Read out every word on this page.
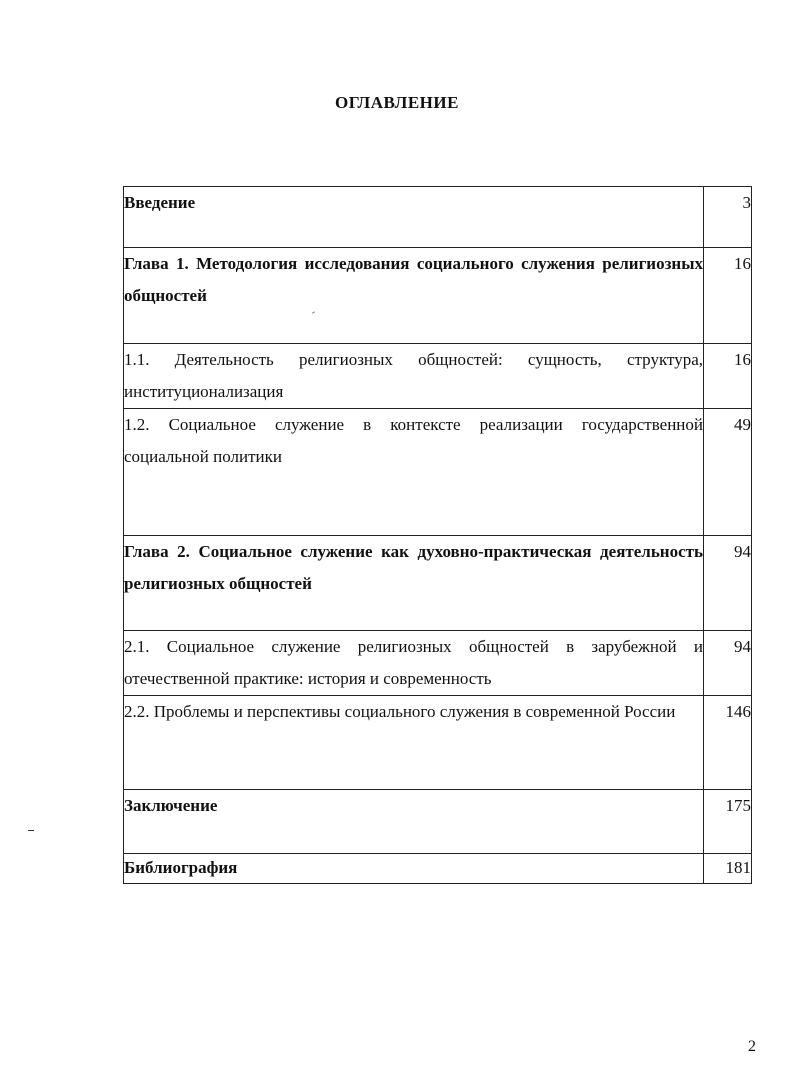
ОГЛАВЛЕНИЕ
Введение	3
Глава 1. Методология исследования социального служения религиозных общностей	16
1.1. Деятельность религиозных общностей: сущность, структура, институционализация	16
1.2. Социальное служение в контексте реализации государственной социальной политики	49
Глава 2. Социальное служение как духовно-практическая деятельность религиозных общностей	94
2.1. Социальное служение религиозных общностей в зарубежной и отечественной практике: история и современность	94
2.2. Проблемы и перспективы социального служения в современной России	146
Заключение	175
Библиография	181
2
